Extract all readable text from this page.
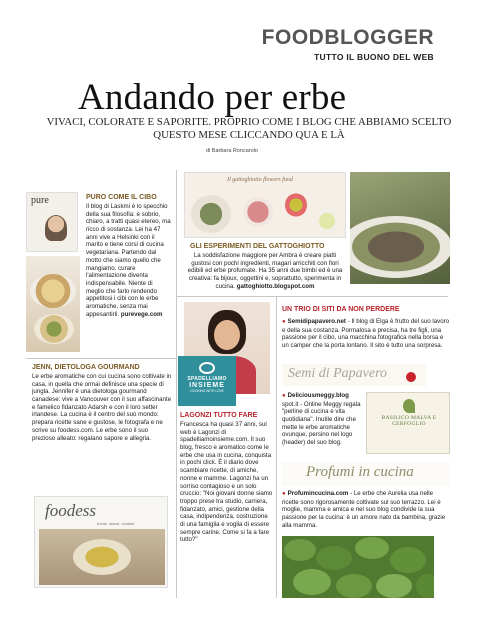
FOODBLOGGER
TUTTO IL BUONO DEL WEB
Andando per erbe
VIVACI, COLORATE E SAPORITE. PROPRIO COME I BLOG CHE ABBIAMO SCELTO QUESTO MESE CLICCANDO QUA E LÀ
di Barbara Roncarolo
pure	PURO COME IL CIBO
Il blog di Laskmi è lo specchio della sua filosofia: è sobrio, chiaro, a tratti quasi etereo, ma ricco di sostanza. Lei ha 47 anni vive a Helsinki con il marito e tiene corsi di cucina vegetariana. Partendo dal motto che siamo quello che mangiamo, curare l'alimentazione diventa indispensabile. Niente di meglio che farlo rendendo appetitosi i cibi con le erbe aromatiche, senza mai appesantirli. purevege.com
Il gattoghiotto flowers food
GLI ESPERIMENTI DEL GATTOGHIOTTO
La soddisfazione maggiore per Ambra è creare piatti gustosi con pochi ingredienti, magari arricchiti con fiori edibili ed erbe profumate. Ha 35 anni due bimbi ed è una creativa: fa bijoux, oggettini e, soprattutto, sperimenta in cucina. gattoghiotto.blogspot.com
JENN, DIETOLOGA GOURMAND
Le erbe aromatiche con cui cucina sono coltivate in casa, in quella che ormai definisce una specie di jungla. Jennifer è una dietologa gourmand canadese: vive a Vancouver con il suo affascinante e famelico fidanzato Adarsh e con il loro setter irlandese. La cucina è il centro del suo mondo: prepara ricette sane e gustose, le fotografa e ne scrive su foodess.com. Le erbe sono il suo prezioso alleato: regalano sapore e allegria.
foodess
home  about  contact
SPADELLIAMO
INSIEME
COOKING WITH LOVE
LAGONZI TUTTO FARE
Francesca ha quasi 37 anni, sul web è Lagonzi di spadelliamoinsieme.com. Il suo blog, fresco e aromatico come le erbe che usa in cucina, conquista in pochi click. È il diario dove scambiare ricette, di amiche, nonne e mamme. Lagonzi ha un sorriso contagioso e un solo cruccio: "Noi giovani donne siamo troppo prese tra studio, carriera, fidanzato, amici, gestione della casa, indipendenza, costruzione di una famiglia e voglia di essere sempre carine. Come si fa a fare tutto?"
UN TRIO DI SITI DA NON PERDERE
● Semidipapavero.net - Il blog di Elga è frutto del suo lavoro e della sua costanza. Pormalosa e precisa, ha tre figli, una passione per il cibo, una macchina fotografica nella borsa e un camper che la porta lontano. Il sito è tutto una sorpresa.
Semi di Papavero
● Deliciousmeggy.blog spot.it - Online Meggy regala "perline di cucina e vita quotidiana". Inutile dire che mette le erbe aromatiche ovunque, persino nel logo (header) del suo blog.
BASILICO MALVA E CERFOGLIO
Profumi in cucina
● Profumincucina.com - Le erbe che Aurelia usa nelle ricette sono rigorosamente coltivate sul suo terrazzo. Lei è moglie, mamma e amica e nel suo blog condivide la sua passione per la cucina: è un amore nato da bambina, grazie alla mamma.
